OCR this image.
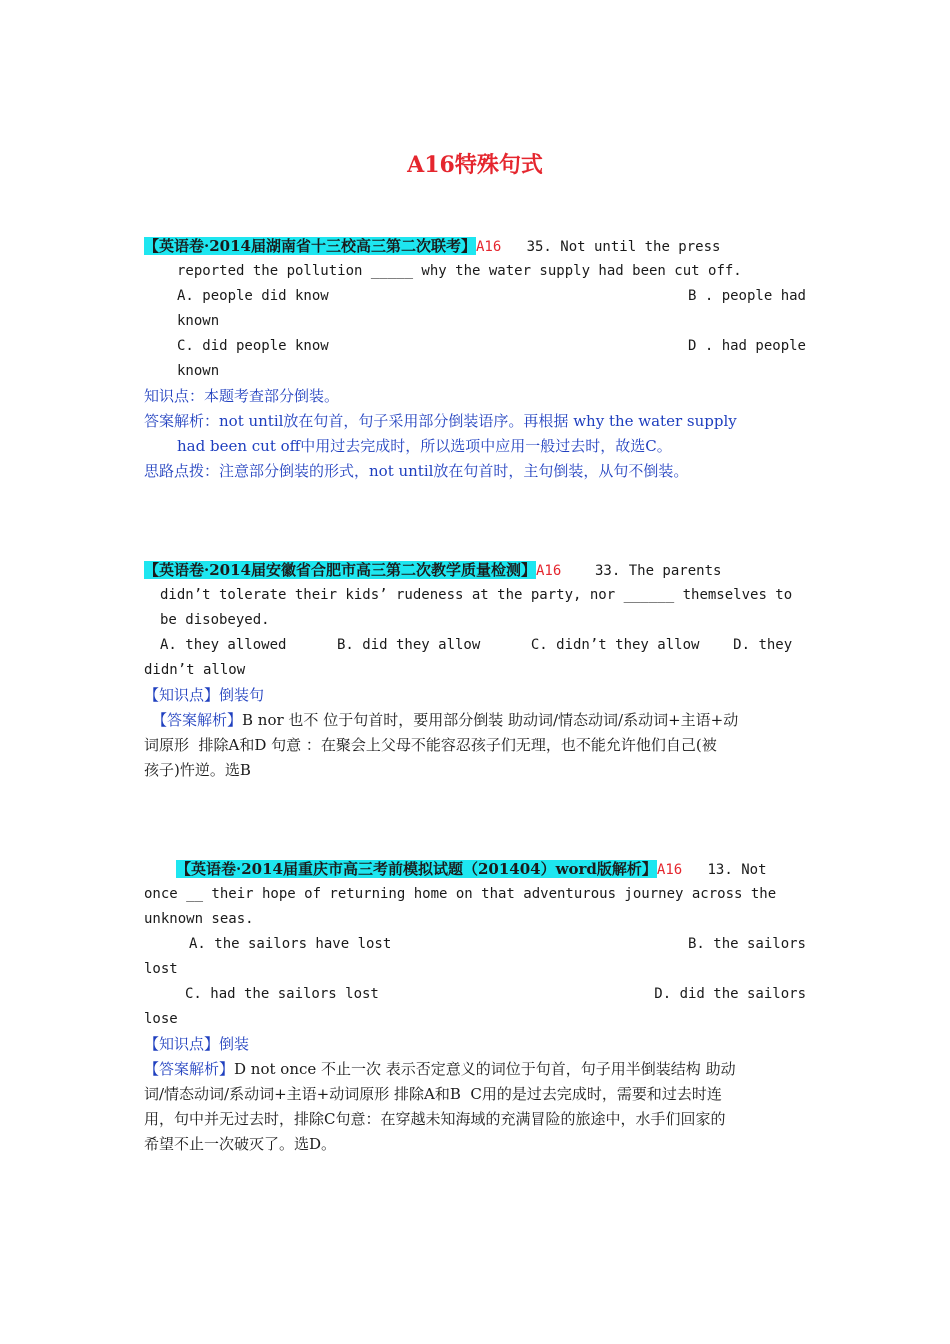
A16特殊句式
【英语卷·2014届湖南省十三校高三第二次联考】A16 35. Not until the press
reported the pollution _____ why the water supply had been cut off.
A. people did know	B . people had
known
C. did people know	D . had people
known
知识点：本题考查部分倒装。
答案解析：not until放在句首，句子采用部分倒装语序。再根据 why the water supply
had been cut off中用过去完成时，所以选项中应用一般过去时，故选C。
思路点拨：注意部分倒装的形式，not until放在句首时，主句倒装，从句不倒装。
【英语卷·2014届安徽省合肥市高三第二次教学质量检测】A16 33. The parents
didn’t tolerate their kids’ rudeness at the party, nor ______ themselves to
be disobeyed.
A. they allowed      B. did they allow      C. didn’t they allow    D. they
didn’t allow
【知识点】倒装句
【答案解析】B nor 也不 位于句首时，要用部分倒装 助动词/情态动词/系动词+主语+动
词原形  排除A和D 句意 ：在聚会上父母不能容忍孩子们无理，也不能允许他们自己(被
孩子)忤逆。选B
【英语卷·2014届重庆市高三考前模拟试题（201404）word版解析】A16 13. Not
once __ their hope of returning home on that adventurous journey across the
unknown seas.
A. the sailors have lost	B. the sailors
lost
C. had the sailors lost	D. did the sailors
lose
【知识点】倒装
【答案解析】D not once 不止一次 表示否定意义的词位于句首，句子用半倒装结构 助动
词/情态动词/系动词+主语+动词原形 排除A和B  C用的是过去完成时，需要和过去时连
用，句中并无过去时，排除C句意：在穿越未知海域的充满冒险的旅途中，水手们回家的
希望不止一次破灭了。选D。
